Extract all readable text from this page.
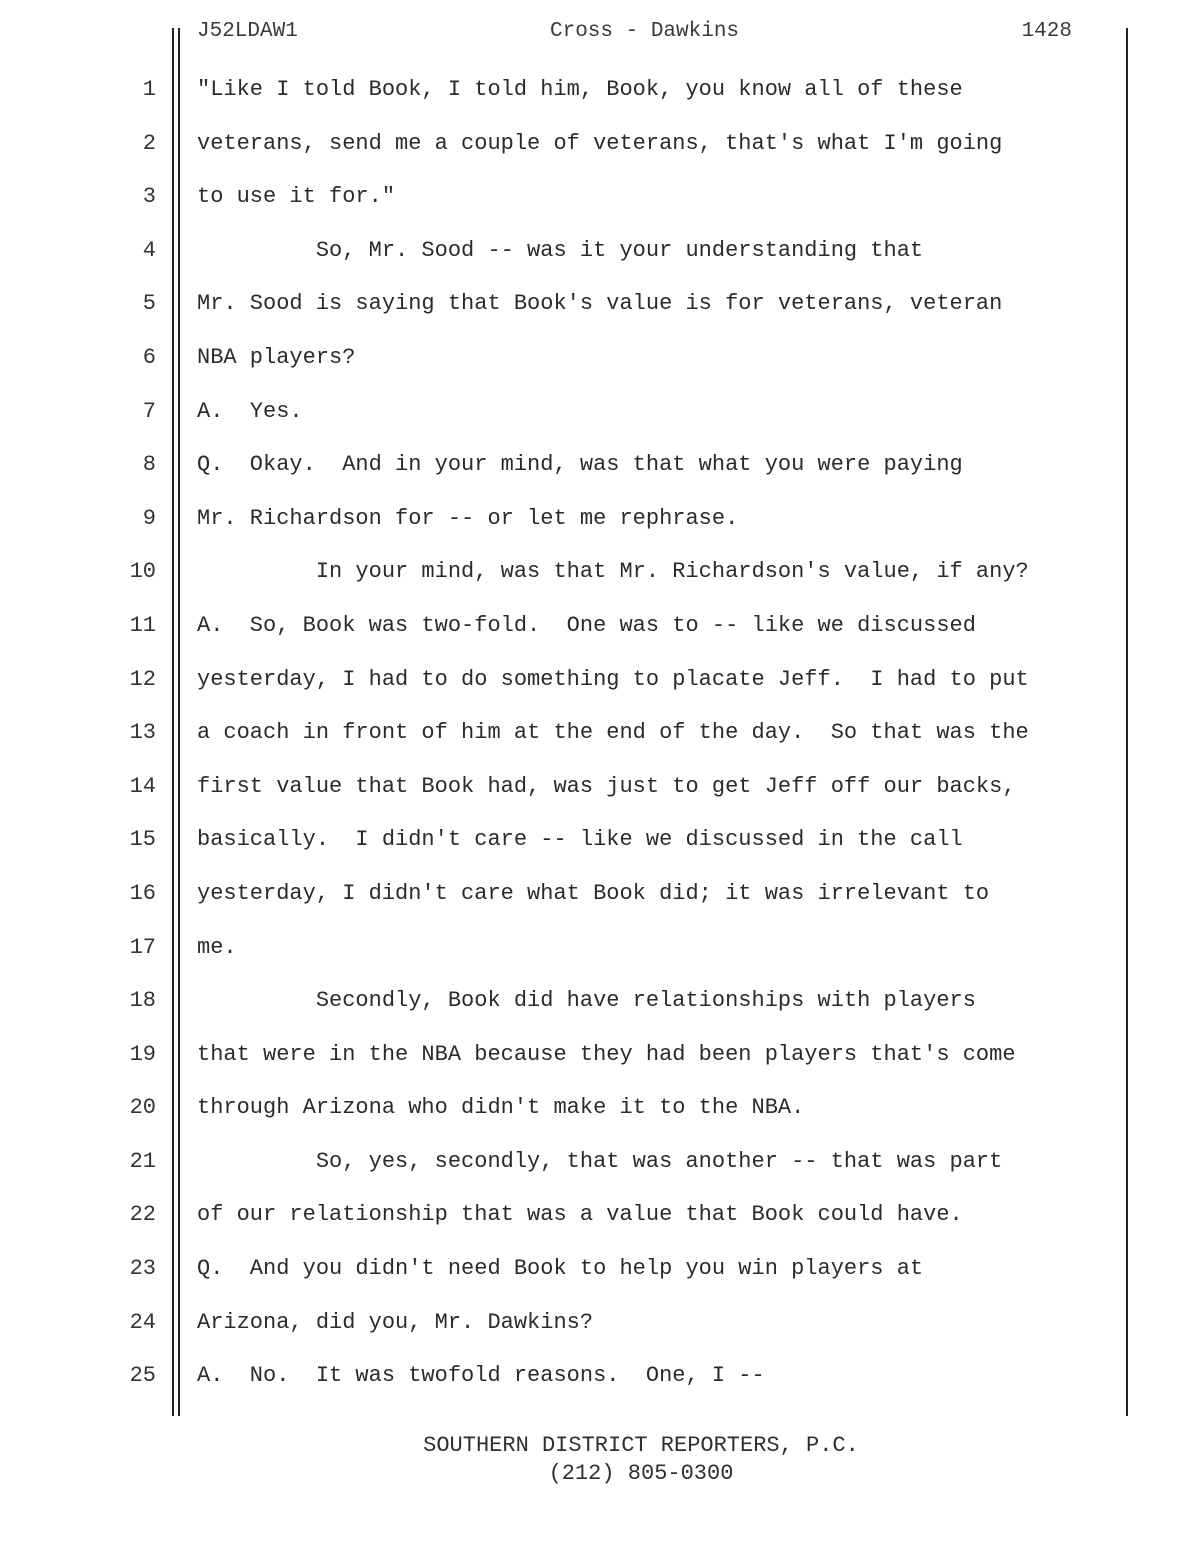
J52LDAW1	Cross - Dawkins	1428
1 "Like I told Book, I told him, Book, you know all of these
2 veterans, send me a couple of veterans, that's what I'm going
3 to use it for."
4 So, Mr. Sood -- was it your understanding that
5 Mr. Sood is saying that Book's value is for veterans, veteran
6 NBA players?
7 A.  Yes.
8 Q.  Okay.  And in your mind, was that what you were paying
9 Mr. Richardson for -- or let me rephrase.
10 In your mind, was that Mr. Richardson's value, if any?
11 A.  So, Book was two-fold.  One was to -- like we discussed
12 yesterday, I had to do something to placate Jeff.  I had to put
13 a coach in front of him at the end of the day.  So that was the
14 first value that Book had, was just to get Jeff off our backs,
15 basically.  I didn't care -- like we discussed in the call
16 yesterday, I didn't care what Book did; it was irrelevant to
17 me.
18 Secondly, Book did have relationships with players
19 that were in the NBA because they had been players that's come
20 through Arizona who didn't make it to the NBA.
21 So, yes, secondly, that was another -- that was part
22 of our relationship that was a value that Book could have.
23 Q.  And you didn't need Book to help you win players at
24 Arizona, did you, Mr. Dawkins?
25 A.  No.  It was twofold reasons.  One, I --
SOUTHERN DISTRICT REPORTERS, P.C.
(212) 805-0300
